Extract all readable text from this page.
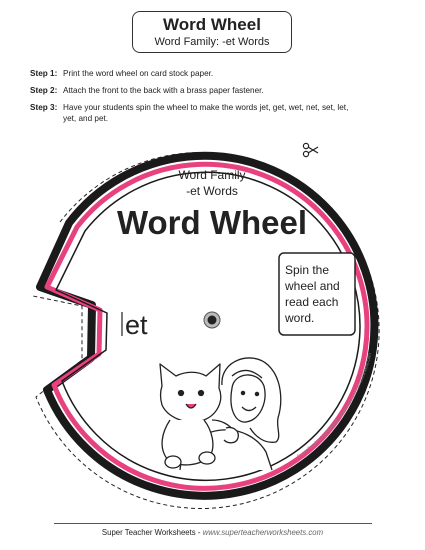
Word Wheel
Word Family: -et Words
Step 1: Print the word wheel on card stock paper.
Step 2: Attach the front to the back with a brass paper fastener.
Step 3: Have your students spin the wheel to make the words jet, get, wet, net, set, let,
yet, and pet.
Word Family
-et Words
Word Wheel
Spin the
wheel and
read each
word.
et
Super Teacher Worksheets - www.superteacherworksheets.com
Super Teacher Worksheets - www.superteacherworksheets.com
